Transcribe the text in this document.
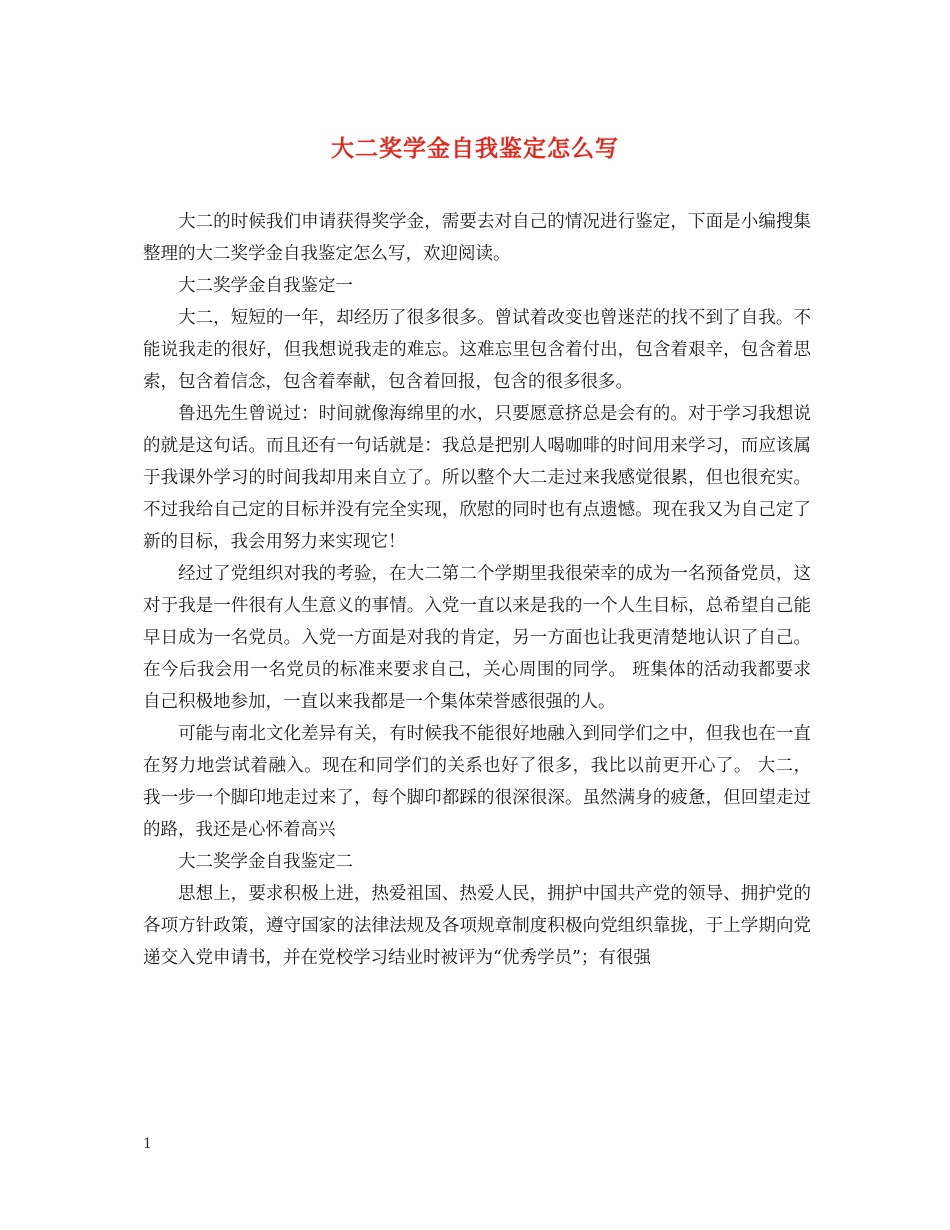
大二奖学金自我鉴定怎么写

大二的时候我们申请获得奖学金，需要去对自己的情况进行鉴定，下面是小编搜集整理的大二奖学金自我鉴定怎么写，欢迎阅读。

大二奖学金自我鉴定一

大二，短短的一年，却经历了很多很多。曾试着改变也曾迷茫的找不到了自我。不能说我走的很好，但我想说我走的难忘。这难忘里包含着付出，包含着艰辛，包含着思索，包含着信念，包含着奉献，包含着回报，包含的很多很多。

鲁迅先生曾说过：时间就像海绵里的水，只要愿意挤总是会有的。对于学习我想说的就是这句话。而且还有一句话就是：我总是把别人喝咖啡的时间用来学习，而应该属于我课外学习的时间我却用来自立了。所以整个大二走过来我感觉很累，但也很充实。不过我给自己定的目标并没有完全实现，欣慰的同时也有点遗憾。现在我又为自己定了新的目标，我会用努力来实现它！

经过了党组织对我的考验，在大二第二个学期里我很荣幸的成为一名预备党员，这对于我是一件很有人生意义的事情。入党一直以来是我的一个人生目标，总希望自己能早日成为一名党员。入党一方面是对我的肯定，另一方面也让我更清楚地认识了自己。在今后我会用一名党员的标准来要求自己，关心周围的同学。 班集体的活动我都要求自己积极地参加，一直以来我都是一个集体荣誉感很强的人。

可能与南北文化差异有关，有时候我不能很好地融入到同学们之中，但我也在一直在努力地尝试着融入。现在和同学们的关系也好了很多，我比以前更开心了。 大二，我一步一个脚印地走过来了，每个脚印都踩的很深很深。虽然满身的疲惫，但回望走过的路，我还是心怀着高兴

大二奖学金自我鉴定二

思想上，要求积极上进，热爱祖国、热爱人民，拥护中国共产党的领导、拥护党的各项方针政策，遵守国家的法律法规及各项规章制度积极向党组织靠拢，于上学期向党递交入党申请书，并在党校学习结业时被评为“优秀学员”；有很强

1
